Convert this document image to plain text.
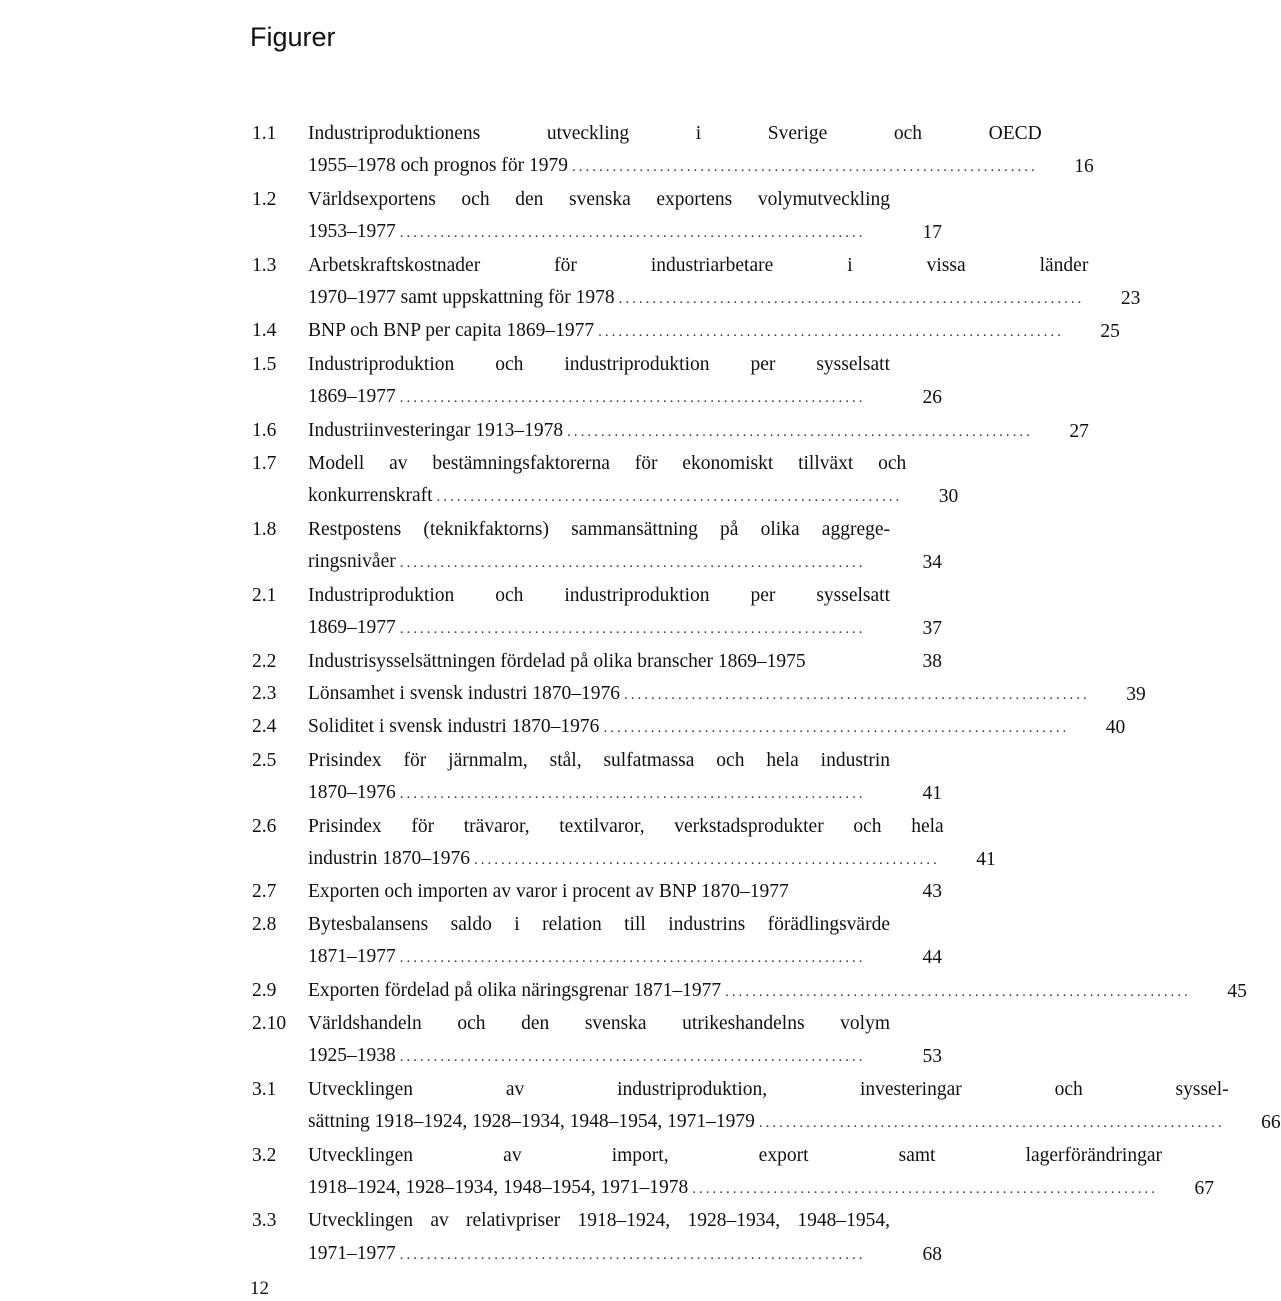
Figurer
1.1	Industriproduktionens utveckling i Sverige och OECD
1955–1978 och prognos för 1979 .....................................................................	16
1.2	Världsexportens och den svenska exportens volymutveckling
1953–1977 .....................................................................	17
1.3	Arbetskraftskostnader för industriarbetare i vissa länder
1970–1977 samt uppskattning för 1978 .....................................................................	23
1.4	BNP och BNP per capita 1869–1977 .....................................................................	25
1.5	Industriproduktion och industriproduktion per sysselsatt
1869–1977 .....................................................................	26
1.6	Industriinvesteringar 1913–1978 .....................................................................	27
1.7	Modell av bestämningsfaktorerna för ekonomiskt tillväxt och
konkurrenskraft .....................................................................	30
1.8	Restpostens (teknikfaktorns) sammansättning på olika aggrege-
ringsnivåer .....................................................................	34
2.1	Industriproduktion och industriproduktion per sysselsatt
1869–1977 .....................................................................	37
2.2	Industrisysselsättningen fördelad på olika branscher 1869–1975	38
2.3	Lönsamhet i svensk industri 1870–1976 .....................................................................	39
2.4	Soliditet i svensk industri 1870–1976 .....................................................................	40
2.5	Prisindex för järnmalm, stål, sulfatmassa och hela industrin
1870–1976 .....................................................................	41
2.6	Prisindex för trävaror, textilvaror, verkstadsprodukter och hela
industrin 1870–1976 .....................................................................	41
2.7	Exporten och importen av varor i procent av BNP 1870–1977	43
2.8	Bytesbalansens saldo i relation till industrins förädlingsvärde
1871–1977 .....................................................................	44
2.9	Exporten fördelad på olika näringsgrenar 1871–1977 .....................................................................	45
2.10	Världshandeln och den svenska utrikeshandelns volym
1925–1938 .....................................................................	53
3.1	Utvecklingen av industriproduktion, investeringar och syssel-
sättning 1918–1924, 1928–1934, 1948–1954, 1971–1979 .....................................................................	66
3.2	Utvecklingen av import, export samt lagerförändringar
1918–1924, 1928–1934, 1948–1954, 1971–1978 .....................................................................	67
3.3	Utvecklingen av relativpriser 1918–1924, 1928–1934, 1948–1954,
1971–1977 .....................................................................	68
12
